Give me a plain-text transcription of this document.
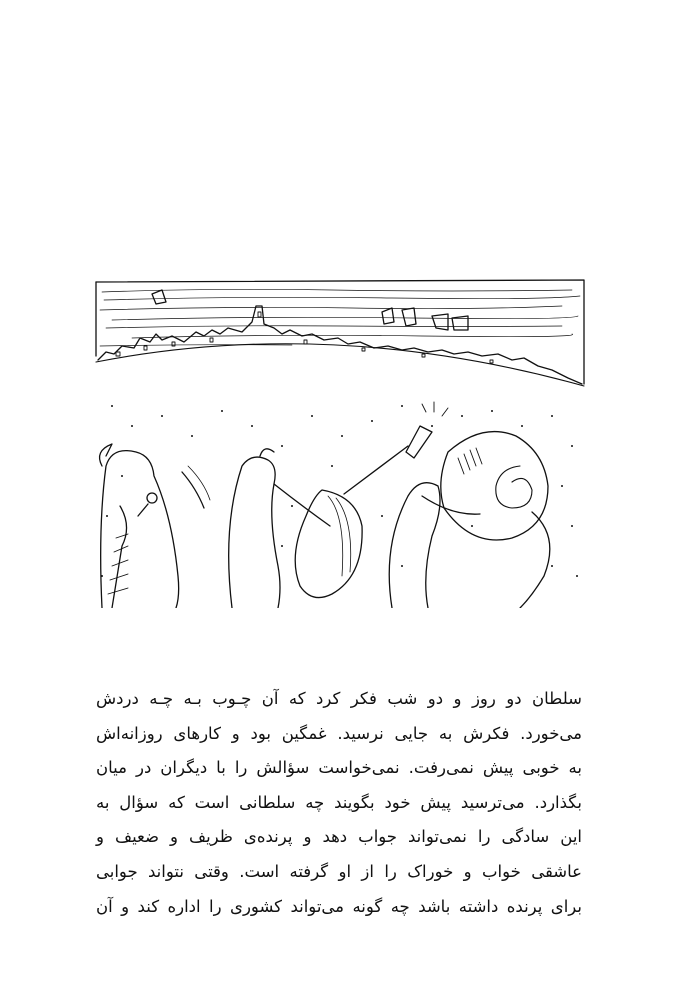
سلطان دو روز و دو شب فکر کرد که آن چـوب بـه چـه دردش
می‌خورد. فکرش به جایی نرسید. غمگین بود و کارهای روزانه‌اش
به خوبی پیش نمی‌رفت. نمی‌خواست سؤالش را با دیگران در میان
بگذارد. می‌ترسید پیش خود بگویند چه سلطانی است که سؤال به
این سادگی را نمی‌تواند جواب دهد و پرنده‌ی ظریف و ضعیف و
عاشقی خواب و خوراک را از او گرفته است. وقتی نتواند جوابی
برای پرنده داشته باشد چه گونه می‌تواند کشوری را اداره کند و آن
